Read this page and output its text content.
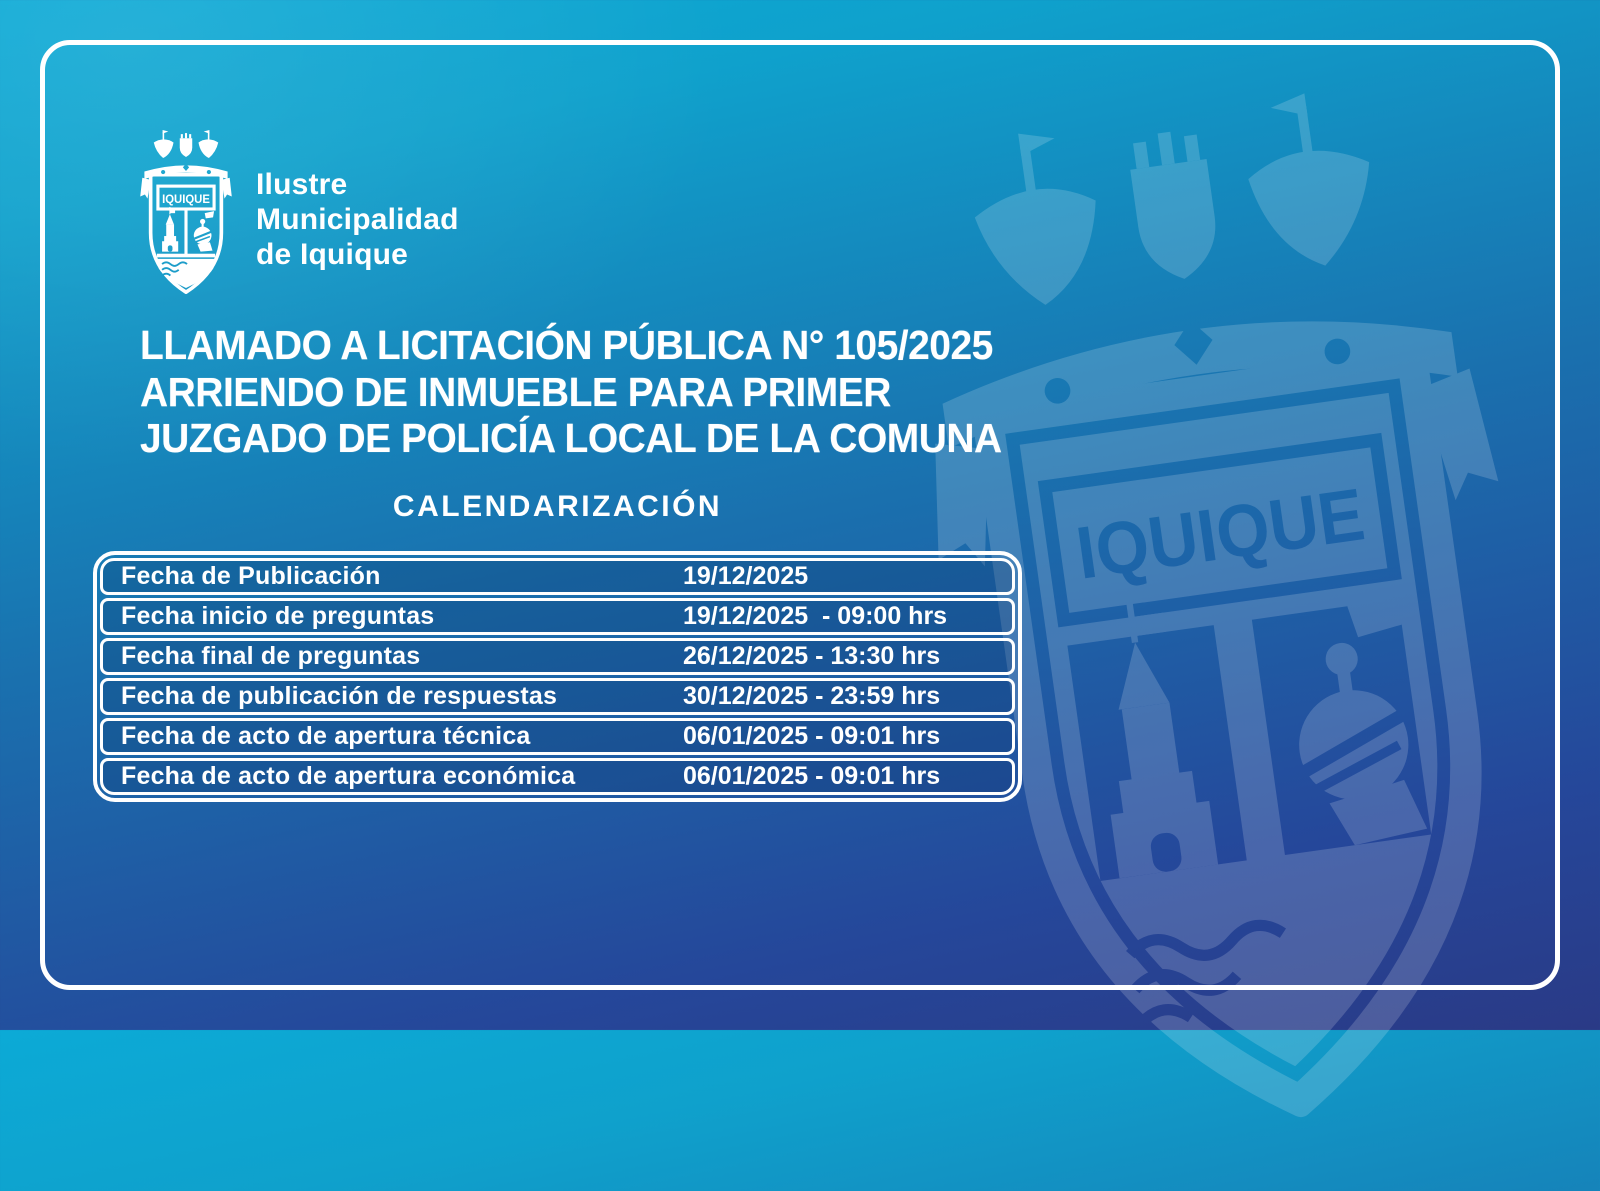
Ilustre
Municipalidad
de Iquique
LLAMADO A LICITACIÓN PÚBLICA N° 105/2025
ARRIENDO DE INMUEBLE PARA PRIMER
JUZGADO DE POLICÍA LOCAL DE LA COMUNA
CALENDARIZACIÓN
Fecha de Publicación	19/12/2025
Fecha inicio de preguntas	19/12/2025  - 09:00 hrs
Fecha final de preguntas	26/12/2025 - 13:30 hrs
Fecha de publicación de respuestas	30/12/2025 - 23:59 hrs
Fecha de acto de apertura técnica	06/01/2025 - 09:01 hrs
Fecha de acto de apertura económica	06/01/2025 - 09:01 hrs
